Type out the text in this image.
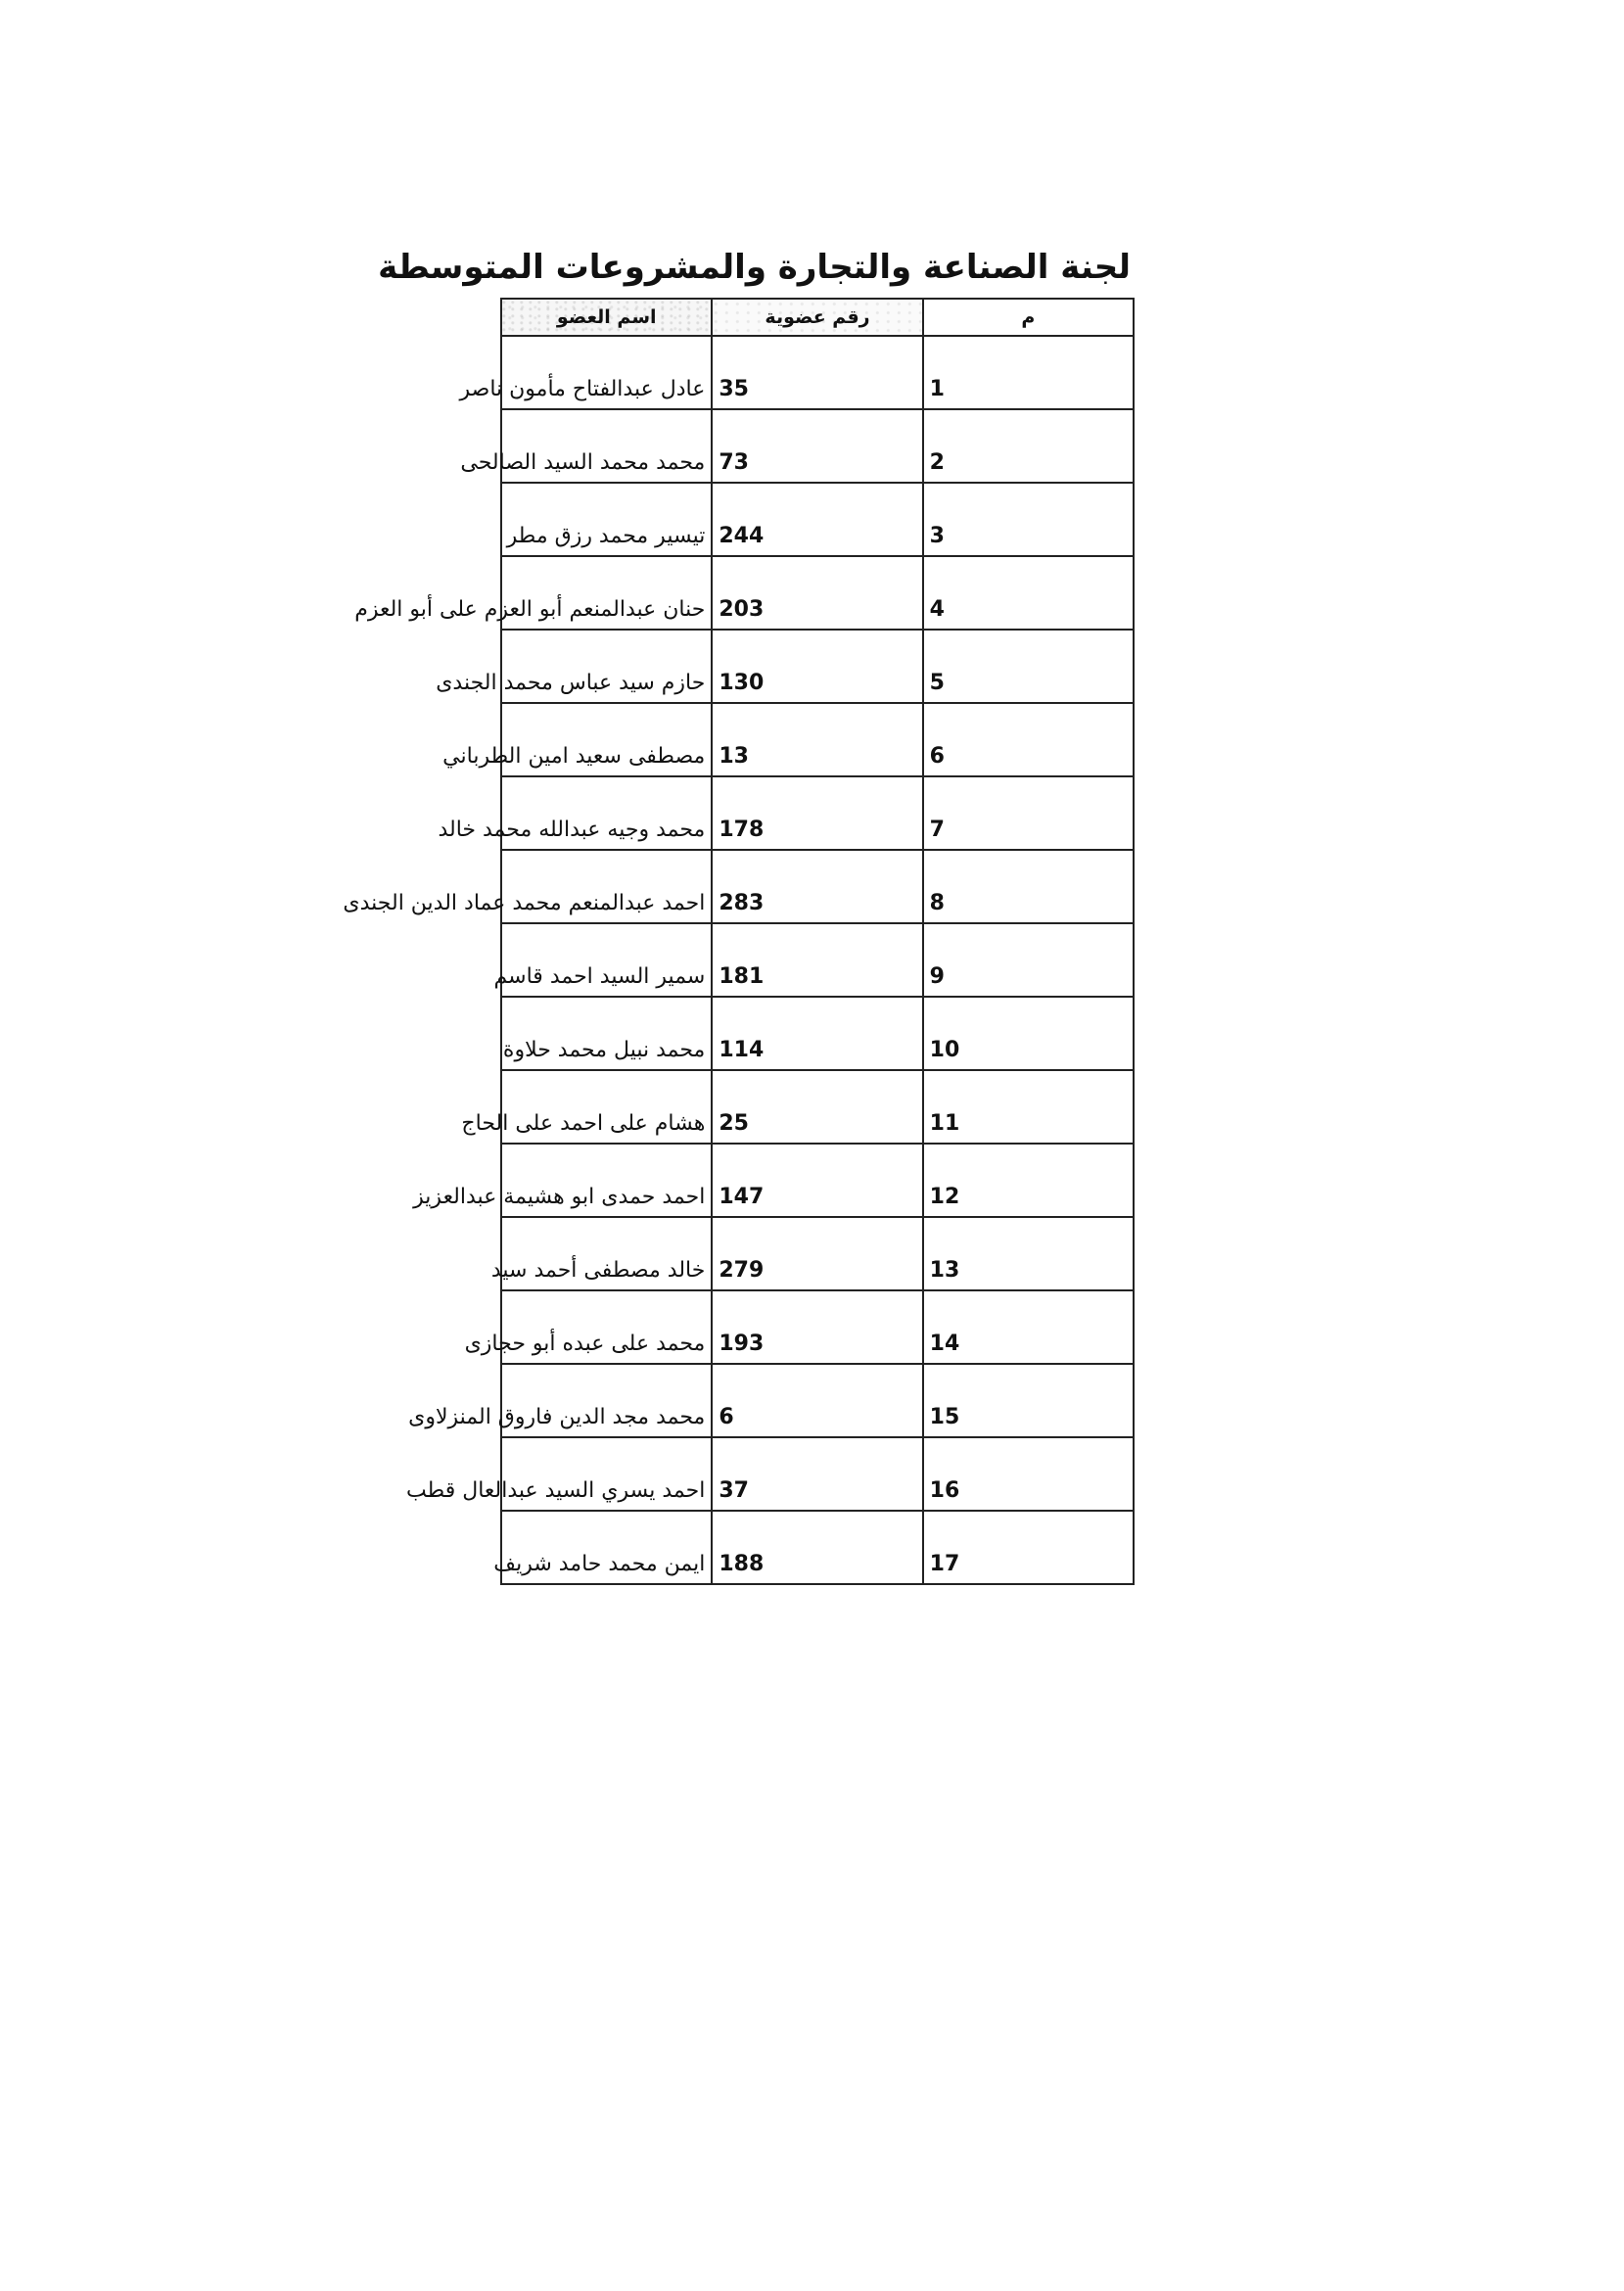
لجنة الصناعة والتجارة والمشروعات المتوسطة
م	رقم عضوية	اسم العضو
1	35	عادل عبدالفتاح مأمون ناصر
2	73	محمد محمد السيد الصالحى
3	244	تيسير محمد رزق مطر
4	203	حنان عبدالمنعم أبو العزم على أبو العزم
5	130	حازم سيد عباس محمد الجندى
6	13	مصطفى سعيد امين الطرباني
7	178	محمد وجيه عبدالله محمد خالد
8	283	احمد عبدالمنعم محمد عماد الدين الجندى
9	181	سمير السيد احمد قاسم
10	114	محمد نبيل محمد حلاوة
11	25	هشام على احمد على الحاج
12	147	احمد حمدى ابو هشيمة عبدالعزيز
13	279	خالد مصطفى أحمد سيد
14	193	محمد على عبده أبو حجازى
15	6	محمد مجد الدين فاروق المنزلاوى
16	37	احمد يسري السيد عبدالعال قطب
17	188	ايمن محمد حامد شريف
